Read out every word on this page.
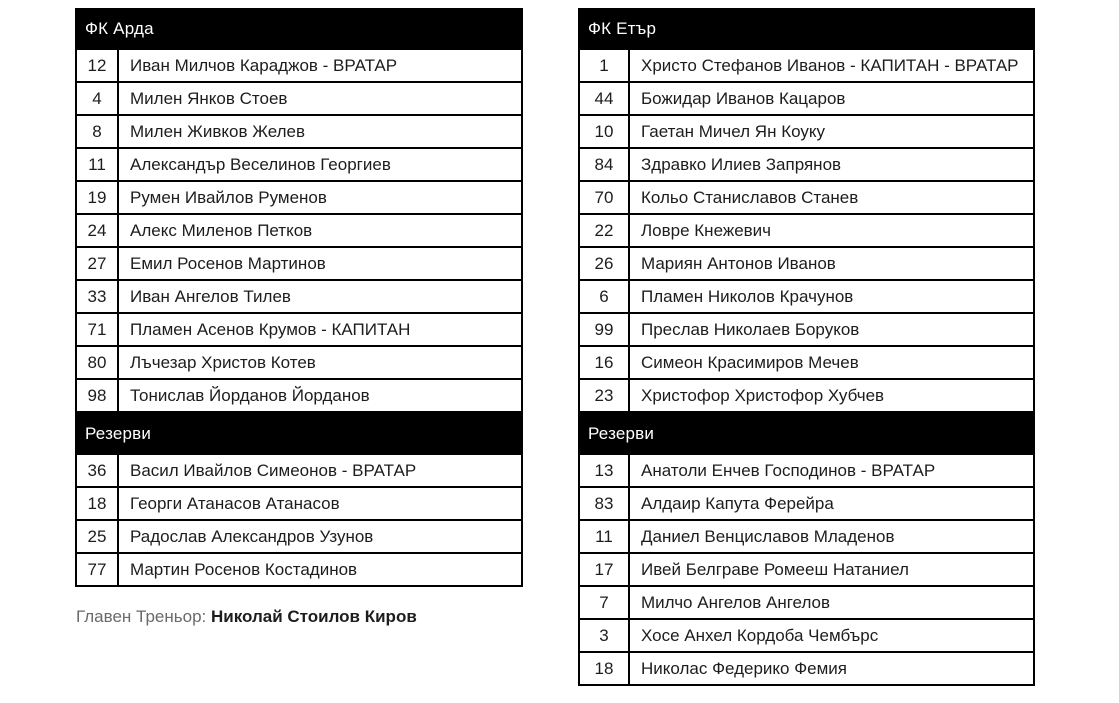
ФК Арда
12	Иван Милчов Караджов - ВРАТАР
4	Милен Янков Стоев
8	Милен Живков Желев
11	Александър Веселинов Георгиев
19	Румен Ивайлов Руменов
24	Алекс Миленов Петков
27	Емил Росенов Мартинов
33	Иван Ангелов Тилев
71	Пламен Асенов Крумов - КАПИТАН
80	Лъчезар Христов Котев
98	Тонислав Йорданов Йорданов
Резерви
36	Васил Ивайлов Симеонов - ВРАТАР
18	Георги Атанасов Атанасов
25	Радослав Александров Узунов
77	Мартин Росенов Костадинов

Главен Треньор: Николай Стоилов Киров

ФК Етър
1	Христо Стефанов Иванов - КАПИТАН - ВРАТАР
44	Божидар Иванов Кацаров
10	Гаетан Мичел Ян Коуку
84	Здравко Илиев Запрянов
70	Кольо Станиславов Станев
22	Ловре Кнежевич
26	Мариян Антонов Иванов
6	Пламен Николов Крачунов
99	Преслав Николаев Боруков
16	Симеон Красимиров Мечев
23	Христофор Христофор Хубчев
Резерви
13	Анатоли Енчев Господинов - ВРАТАР
83	Алдаир Капута Ферейра
11	Даниел Венциславов Младенов
17	Ивей Белграве Ромееш Натаниел
7	Милчо Ангелов Ангелов
3	Хосе Анхел Кордоба Чембърс
18	Николас Федерико Фемия
